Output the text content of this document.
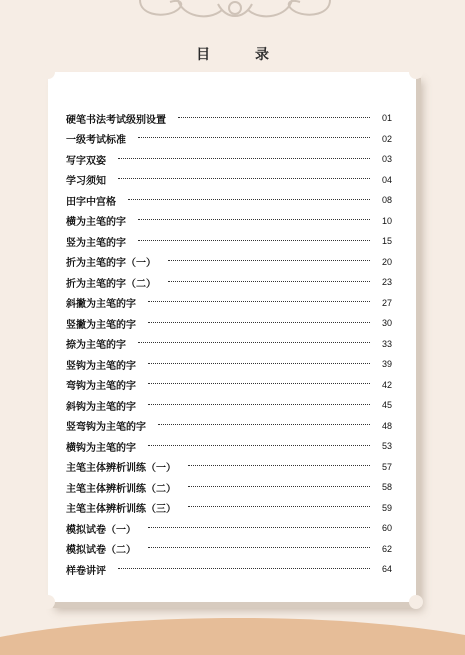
目	录
硬笔书法考试级别设置	01
一级考试标准	02
写字双姿	03
学习须知	04
田字中宫格	08
横为主笔的字	10
竖为主笔的字	15
折为主笔的字（一）	20
折为主笔的字（二）	23
斜撇为主笔的字	27
竖撇为主笔的字	30
捺为主笔的字	33
竖钩为主笔的字	39
弯钩为主笔的字	42
斜钩为主笔的字	45
竖弯钩为主笔的字	48
横钩为主笔的字	53
主笔主体辨析训练（一）	57
主笔主体辨析训练（二）	58
主笔主体辨析训练（三）	59
模拟试卷（一）	60
模拟试卷（二）	62
样卷讲评	64
